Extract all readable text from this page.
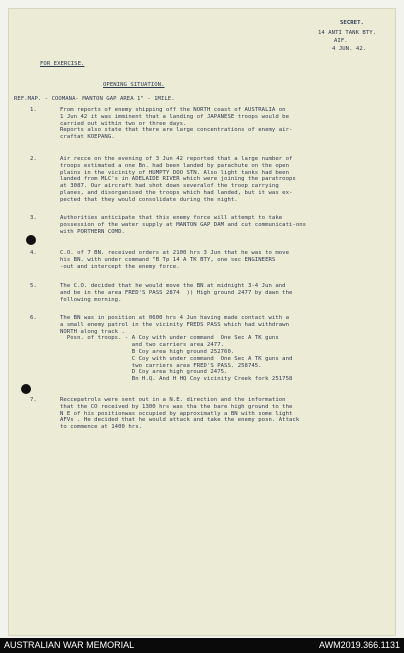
SECRET.
14 ANTI TANK BTY.
AIF.
4 JUN. 42.
FOR EXERCISE.
OPENING SITUATION.
REF.MAP. - COOMANA- MANTON GAP AREA 1" - 1MILE.
1.	From reports of enemy shipping off the NORTH coast of AUSTRALIA on
1 Jun 42 it was imminent that a landing of JAPANESE troops would be
carried out within two or three days.
Reports also state that there are large concentrations of enemy air-
craftat KOEPANG.
2.	Air recce on the evening of 3 Jun 42 reported that a large number of
troops estimated a one Bn. had been landed by parachute on the open
plains in the vicinity of HUMPTY DOO STN. Also light tanks had been
landed from MLC's in ADELAIDE RIVER which were joining the paratroops
at 3087. Our aircraft had shot down severalof the troop carrying
planes, and disorganised the troops which had landed, but it was ex-
pected that they would consolidate during the night.
3.	Authorities anticipate that this enemy force will attempt to take
possession of the water supply at MANTON GAP DAM and cut communicati-ons
with PORTHERN COMD.
4.	C.O. of 7 BN. received orders at 2100 hrs 3 Jun that he was to move
his BN. with under command "B Tp 14 A TK BTY, one sec ENGINEERS
-out and intercept the enemy force.
5.	The C.O. decided that he would move the BN at midnight 3-4 Jun and
and be in the area FRED'S PASS 2874  )) High ground 2477 by dawn the
following morning.
6.	The BN was in position at 0600 hrs 4 Jun having made contact with a
a small enemy patrol in the vicinity FREDS PASS which had withdrawn
NORTH along track .
Posn. of troops. - A Coy with under command  One Sec A TK guns
and two carriers area 2477.
B Coy area high ground 252760.
C Coy with under command  One Sec A TK guns and
two carriers area FRED'S PASS. 258745.
D Coy area high ground 2475.
Bn H.Q. And H HQ Coy vicinity Creek fork 251758
7.	Reccepatrols were sent out in a N.E. direction and the information
that the CO received by 1300 hrs was tha the bare high ground to the
N E of his positionwas occupied by approximatly a BN with some light
AFVs . He decided that he would attack and take the enemy posn. Attack
to commence at 1400 hrs.
AUSTRALIAN WAR MEMORIAL	AWM2019.366.1131
